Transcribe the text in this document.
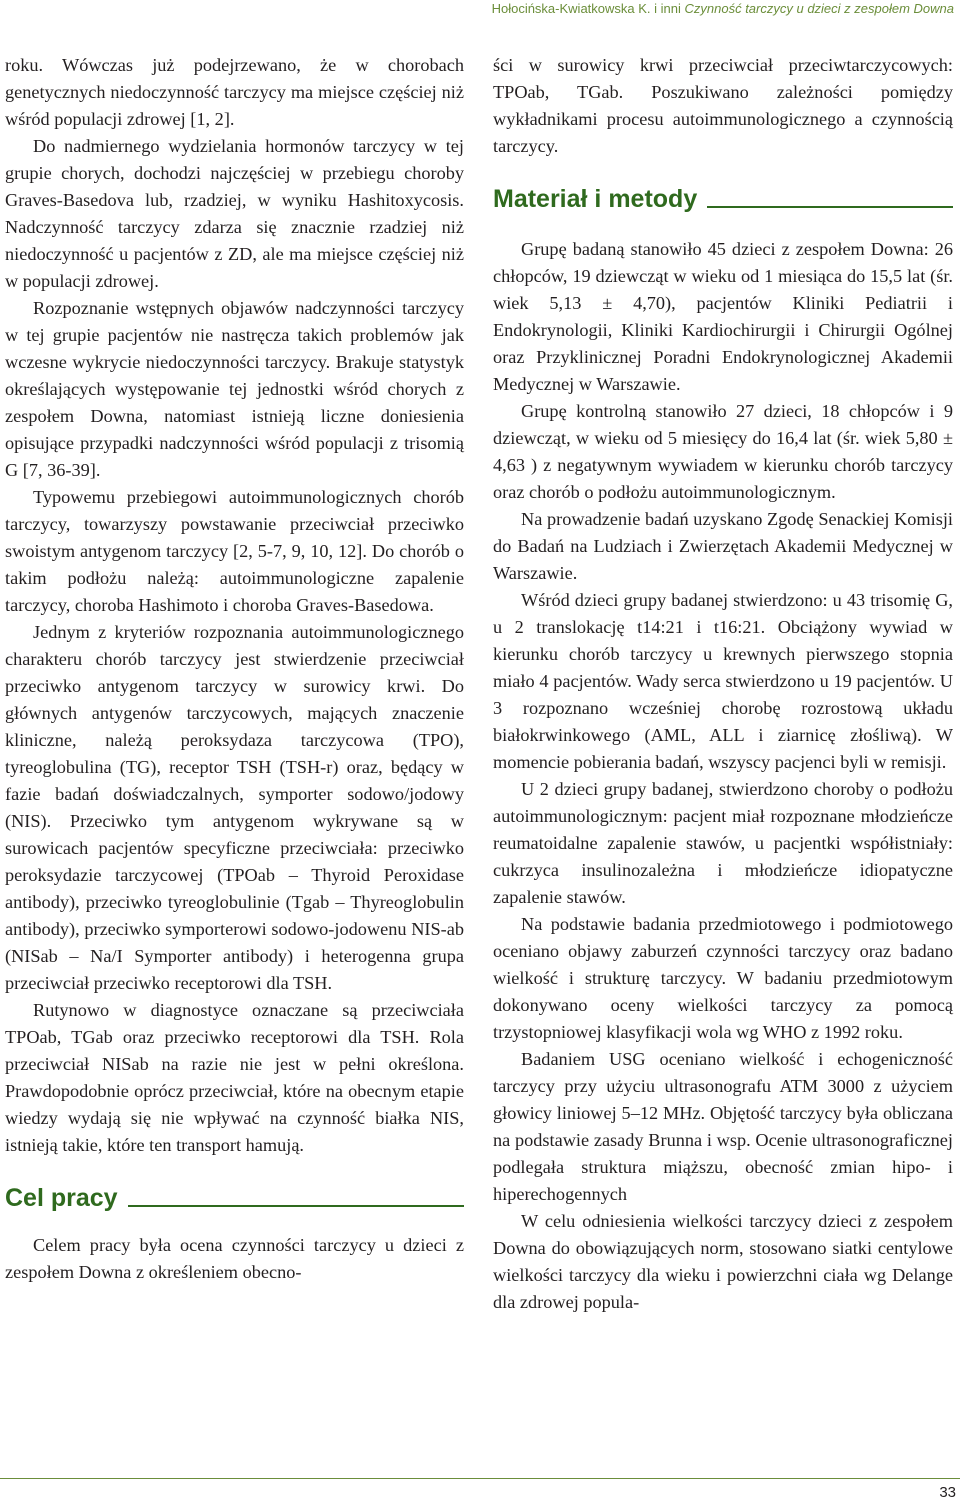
Hołocińska-Kwiatkowska K. i inni Czynność tarczycy u dzieci z zespołem Downa

roku. Wówczas już podejrzewano, że w chorobach genetycznych niedoczynność tarczycy ma miejsce częściej niż wśród populacji zdrowej [1, 2].

Do nadmiernego wydzielania hormonów tarczycy w tej grupie chorych, dochodzi najczęściej w przebiegu choroby Graves-Basedova lub, rzadziej, w wyniku Hashitoxycosis. Nadczynność tarczycy zdarza się znacznie rzadziej niż niedoczynność u pacjentów z ZD, ale ma miejsce częściej niż w populacji zdrowej.

Rozpoznanie wstępnych objawów nadczynności tarczycy w tej grupie pacjentów nie nastręcza takich problemów jak wczesne wykrycie niedoczynności tarczycy. Brakuje statystyk określających występowanie tej jednostki wśród chorych z zespołem Downa, natomiast istnieją liczne doniesienia opisujące przypadki nadczynności wśród populacji z trisomią G [7, 36-39].

Typowemu przebiegowi autoimmunologicznych chorób tarczycy, towarzyszy powstawanie przeciwciał przeciwko swoistym antygenom tarczycy [2, 5-7, 9, 10, 12]. Do chorób o takim podłożu należą: autoimmunologiczne zapalenie tarczycy, choroba Hashimoto i choroba Graves-Basedowa.

Jednym z kryteriów rozpoznania autoimmunologicznego charakteru chorób tarczycy jest stwierdzenie przeciwciał przeciwko antygenom tarczycy w surowicy krwi. Do głównych antygenów tarczycowych, mających znaczenie kliniczne, należą peroksydaza tarczycowa (TPO), tyreoglobulina (TG), receptor TSH (TSH-r) oraz, będący w fazie badań doświadczalnych, symporter sodowo/jodowy (NIS). Przeciwko tym antygenom wykrywane są w surowicach pacjentów specyficzne przeciwciała: przeciwko peroksydazie tarczycowej (TPOab – Thyroid Peroxidase antibody), przeciwko tyreoglobulinie (Tgab – Thyreoglobulin antibody), przeciwko symporterowi sodowo-jodowenu NIS-ab (NISab – Na/I Symporter antibody) i heterogenna grupa przeciwciał przeciwko receptorowi dla TSH.

Rutynowo w diagnostyce oznaczane są przeciwciała TPOab, TGab oraz przeciwko receptorowi dla TSH. Rola przeciwciał NISab na razie nie jest w pełni określona. Prawdopodobnie oprócz przeciwciał, które na obecnym etapie wiedzy wydają się nie wpływać na czynność białka NIS, istnieją takie, które ten transport hamują.

Cel pracy

Celem pracy była ocena czynności tarczycy u dzieci z zespołem Downa z określeniem obecno-

ści w surowicy krwi przeciwciał przeciwtarczycowych: TPOab, TGab. Poszukiwano zależności pomiędzy wykładnikami procesu autoimmunologicznego a czynnością tarczycy.

Materiał i metody

Grupę badaną stanowiło 45 dzieci z zespołem Downa: 26 chłopców, 19 dziewcząt w wieku od 1 miesiąca do 15,5 lat (śr. wiek 5,13 ± 4,70), pacjentów Kliniki Pediatrii i Endokrynologii, Kliniki Kardiochirurgii i Chirurgii Ogólnej oraz Przyklinicznej Poradni Endokrynologicznej Akademii Medycznej w Warszawie.

Grupę kontrolną stanowiło 27 dzieci, 18 chłopców i 9 dziewcząt, w wieku od 5 miesięcy do 16,4 lat (śr. wiek 5,80 ± 4,63 ) z negatywnym wywiadem w kierunku chorób tarczycy oraz chorób o podłożu autoimmunologicznym.

Na prowadzenie badań uzyskano Zgodę Senackiej Komisji do Badań na Ludziach i Zwierzętach Akademii Medycznej w Warszawie.

Wśród dzieci grupy badanej stwierdzono: u 43 trisomię G, u 2 translokację t14:21 i t16:21. Obciążony wywiad w kierunku chorób tarczycy u krewnych pierwszego stopnia miało 4 pacjentów. Wady serca stwierdzono u 19 pacjentów. U 3 rozpoznano wcześniej chorobę rozrostową układu białokrwinkowego (AML, ALL i ziarnicę złośliwą). W momencie pobierania badań, wszyscy pacjenci byli w remisji.

U 2 dzieci grupy badanej, stwierdzono choroby o podłożu autoimmunologicznym: pacjent miał rozpoznane młodzieńcze reumatoidalne zapalenie stawów, u pacjentki współistniały: cukrzyca insulinozależna i młodzieńcze idiopatyczne zapalenie stawów.

Na podstawie badania przedmiotowego i podmiotowego oceniano objawy zaburzeń czynności tarczycy oraz badano wielkość i strukturę tarczycy. W badaniu przedmiotowym dokonywano oceny wielkości tarczycy za pomocą trzystopniowej klasyfikacji wola wg WHO z 1992 roku.

Badaniem USG oceniano wielkość i echogeniczność tarczycy przy użyciu ultrasonografu ATM 3000 z użyciem głowicy liniowej 5–12 MHz. Objętość tarczycy była obliczana na podstawie zasady Brunna i wsp. Ocenie ultrasonograficznej podlegała struktura miąższu, obecność zmian hipo- i hiperechogennych

W celu odniesienia wielkości tarczycy dzieci z zespołem Downa do obowiązujących norm, stosowano siatki centylowe wielkości tarczycy dla wieku i powierzchni ciała wg Delange dla zdrowej popula-

33
